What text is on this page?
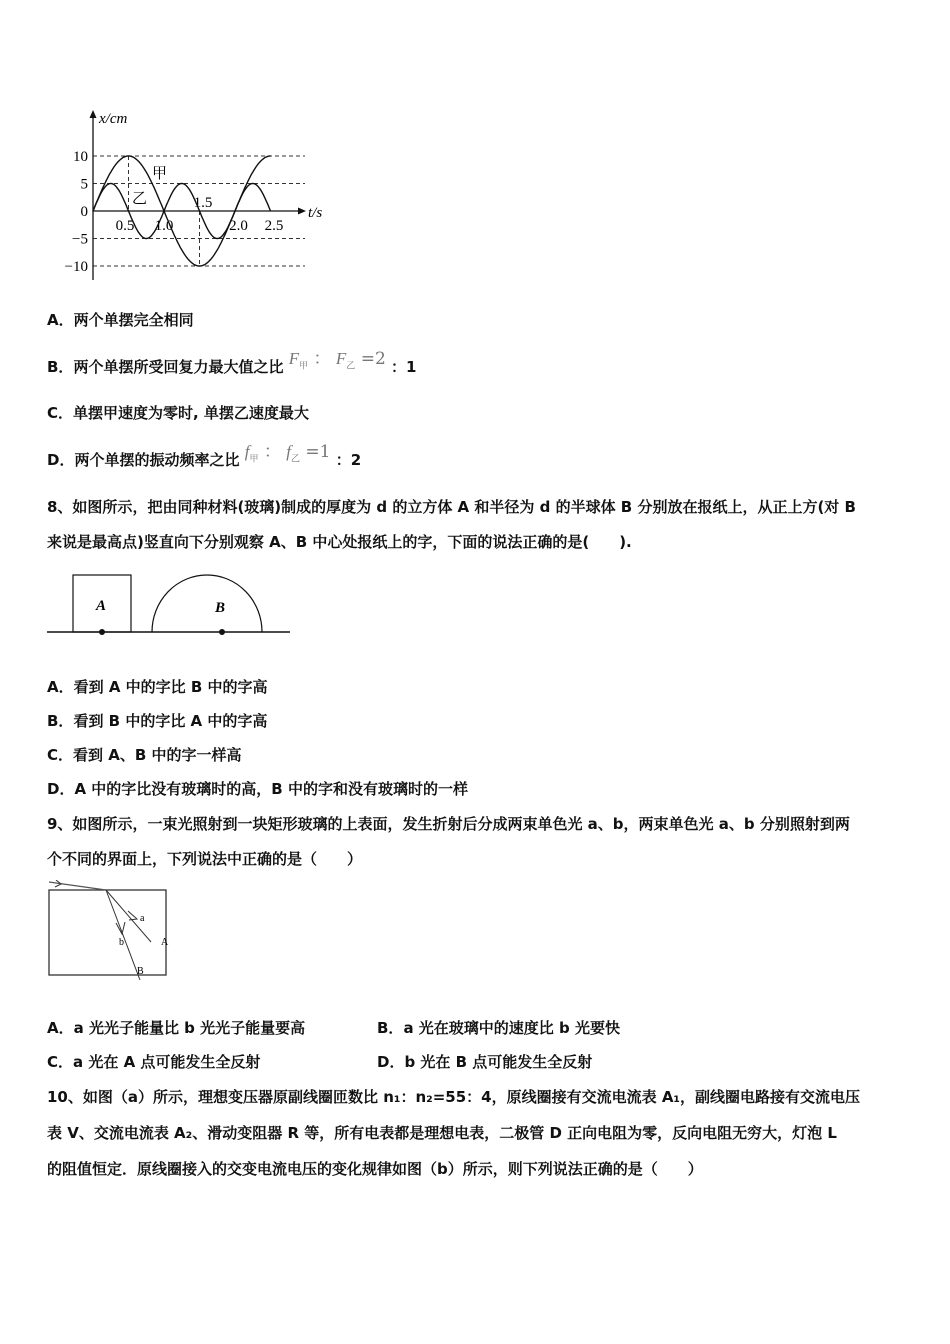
x/cm
t/s
10
5
0
−5
−10
0.5 1.0
1.5
2.0 2.5
甲
乙
A．两个单摆完全相同
B．两个单摆所受回复力最大值之比 $F_甲$ ： $F_乙 =2$ ：1
C．单摆甲速度为零时, 单摆乙速度最大
D．两个单摆的振动频率之比 $f_甲$ ： $f_乙 =1$ ：2
8、如图所示，把由同种材料(玻璃)制成的厚度为 d 的立方体 A 和半径为 d 的半球体 B 分别放在报纸上，从正上方(对 B
来说是最高点)竖直向下分别观察 A、B 中心处报纸上的字，下面的说法正确的是(　　).
A	B
A．看到 A 中的字比 B 中的字高
B．看到 B 中的字比 A 中的字高
C．看到 A、B 中的字一样高
D．A 中的字比没有玻璃时的高，B 中的字和没有玻璃时的一样
9、如图所示，一束光照射到一块矩形玻璃的上表面，发生折射后分成两束单色光 a、b，两束单色光 a、b 分别照射到两
个不同的界面上，下列说法中正确的是（　　）
a
b	A
B
A．a 光光子能量比 b 光光子能量要高	B．a 光在玻璃中的速度比 b 光要快
C．a 光在 A 点可能发生全反射	D．b 光在 B 点可能发生全反射
10、如图（a）所示，理想变压器原副线圈匝数比 n₁：n₂=55：4，原线圈接有交流电流表 A₁，副线圈电路接有交流电压
表 V、交流电流表 A₂、滑动变阻器 R 等，所有电表都是理想电表，二极管 D 正向电阻为零，反向电阻无穷大，灯泡 L
的阻值恒定．原线圈接入的交变电流电压的变化规律如图（b）所示，则下列说法正确的是（　　）
